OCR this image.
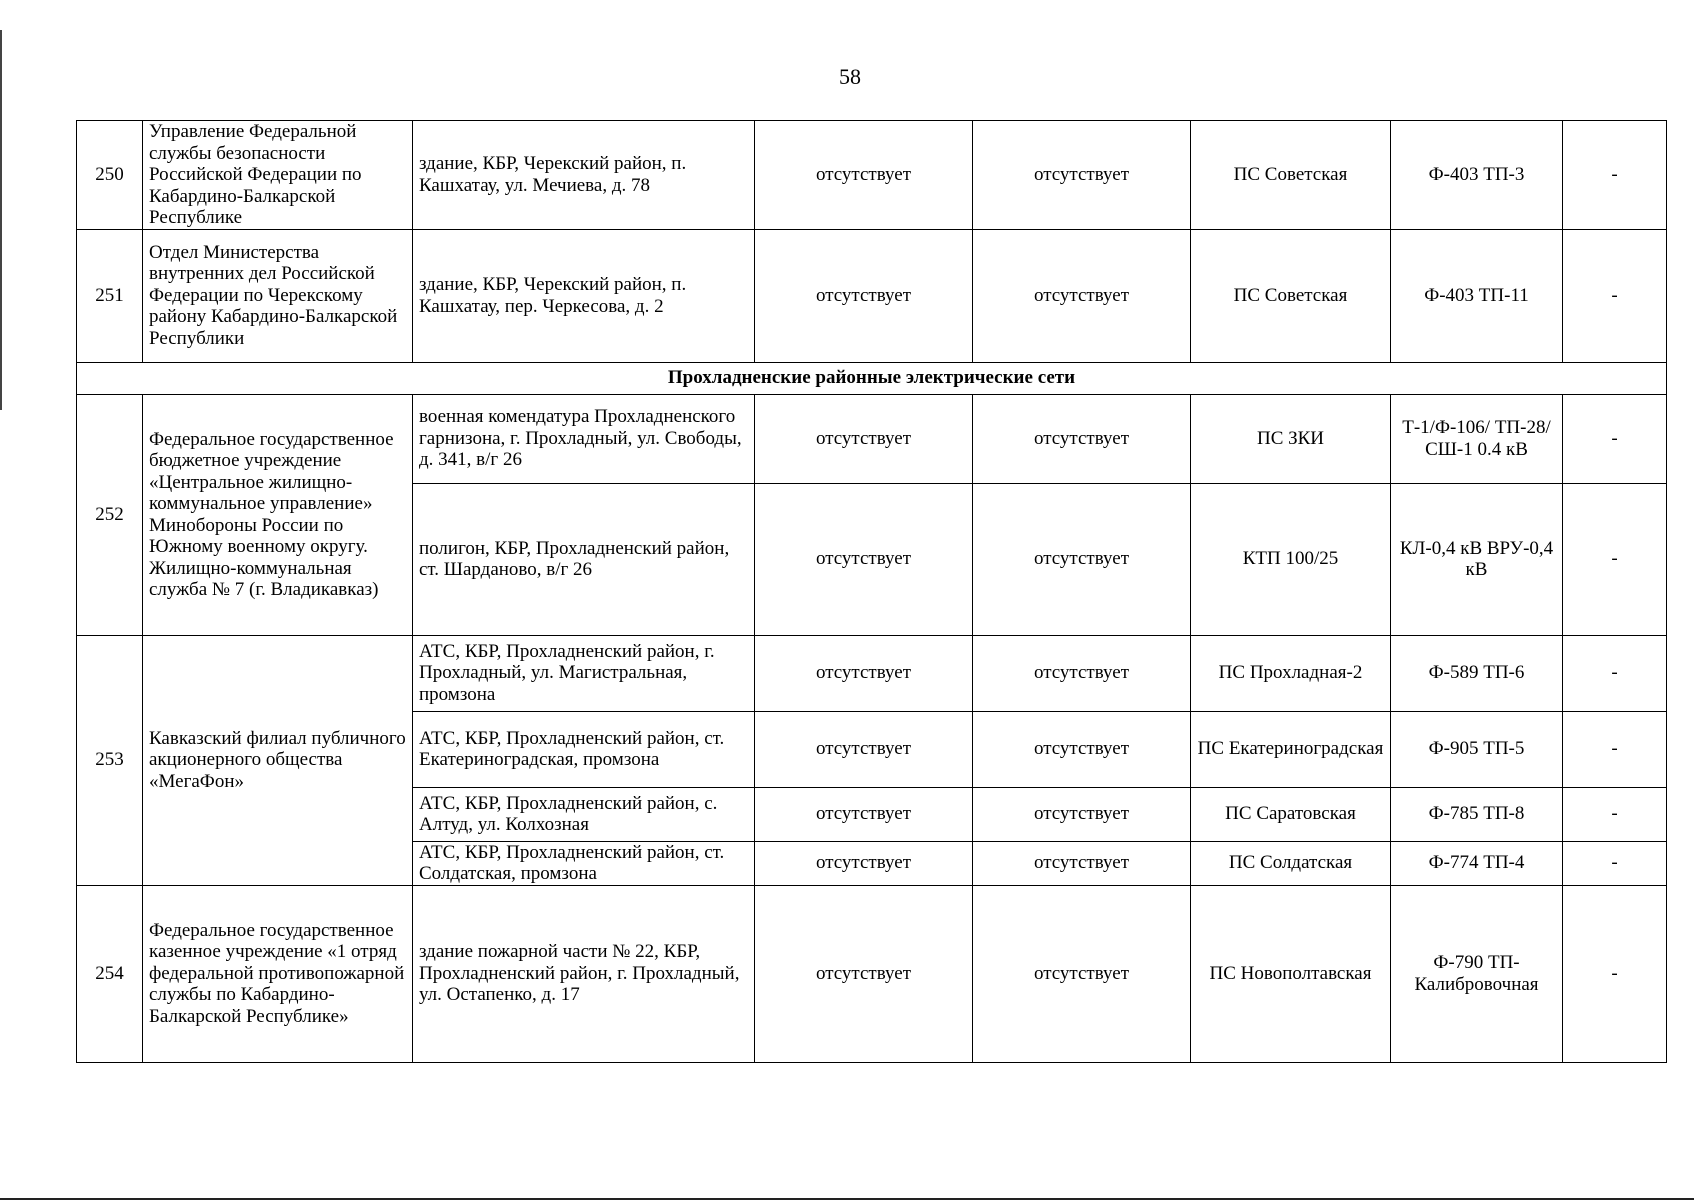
58
250	Управление Федеральной службы безопасности Российской Федерации по Кабардино-Балкарской Республике	здание, КБР, Черекский район, п. Кашхатау, ул. Мечиева, д. 78	отсутствует	отсутствует	ПС Советская	Ф-403 ТП-3	-
251	Отдел Министерства внутренних дел Российской Федерации по Черекскому району Кабардино-Балкарской Республики	здание, КБР, Черекский район, п. Кашхатау, пер. Черкесова, д. 2	отсутствует	отсутствует	ПС Советская	Ф-403 ТП-11	-
Прохладненские районные электрические сети							
252	Федеральное государственное бюджетное учреждение «Центральное жилищно-коммунальное управление» Минобороны России по Южному военному округу. Жилищно-коммунальная служба № 7 (г. Владикавказ)	военная комендатура Прохладненского гарнизона, г. Прохладный, ул. Свободы, д. 341, в/г 26	отсутствует	отсутствует	ПС ЗКИ	Т-1/Ф-106/ ТП-28/ СШ-1 0.4 кВ	-
		полигон, КБР, Прохладненский район, ст. Шарданово, в/г 26	отсутствует	отсутствует	КТП 100/25	КЛ-0,4 кВ ВРУ-0,4 кВ	-
253	Кавказский филиал публичного акционерного общества «МегаФон»	АТС, КБР, Прохладненский район, г. Прохладный, ул. Магистральная, промзона	отсутствует	отсутствует	ПС Прохладная-2	Ф-589 ТП-6	-
		АТС, КБР, Прохладненский район, ст. Екатериноградская, промзона	отсутствует	отсутствует	ПС Екатериноградская	Ф-905 ТП-5	-
		АТС, КБР, Прохладненский район, с. Алтуд, ул. Колхозная	отсутствует	отсутствует	ПС Саратовская	Ф-785 ТП-8	-
		АТС, КБР, Прохладненский район, ст. Солдатская, промзона	отсутствует	отсутствует	ПС Солдатская	Ф-774 ТП-4	-
254	Федеральное государственное казенное учреждение «1 отряд федеральной противопожарной службы по Кабардино-Балкарской Республике»	здание пожарной части № 22, КБР, Прохладненский район, г. Прохладный, ул. Остапенко, д. 17	отсутствует	отсутствует	ПС Новополтавская	Ф-790 ТП- Калибровочная	-
